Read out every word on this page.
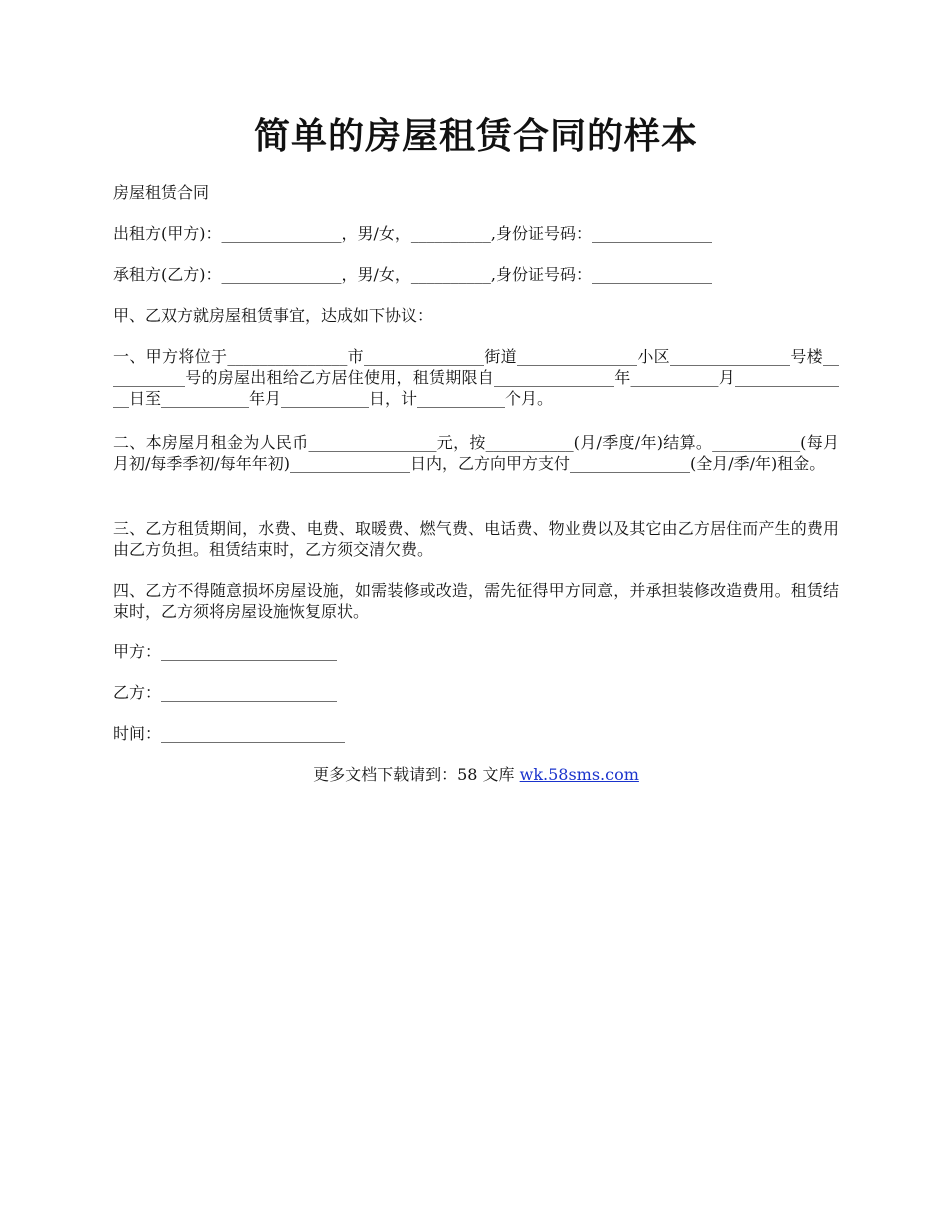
简单的房屋租赁合同的样本

房屋租赁合同

出租方(甲方)：_______________，男/女，__________,身份证号码：_______________

承租方(乙方)：_______________，男/女，__________,身份证号码：_______________

甲、乙双方就房屋租赁事宜，达成如下协议：

一、甲方将位于_______________市_______________街道_______________小区_______________号楼___________号的房屋出租给乙方居住使用，租赁期限自_______________年___________月_______________日至___________年月___________日，计___________个月。

二、本房屋月租金为人民币________________元，按___________(月/季度/年)结算。___________(每月月初/每季季初/每年年初)_______________日内，乙方向甲方支付_______________(全月/季/年)租金。

三、乙方租赁期间，水费、电费、取暖费、燃气费、电话费、物业费以及其它由乙方居住而产生的费用由乙方负担。租赁结束时，乙方须交清欠费。

四、乙方不得随意损坏房屋设施，如需装修或改造，需先征得甲方同意，并承担装修改造费用。租赁结束时，乙方须将房屋设施恢复原状。

甲方：______________________

乙方：______________________

时间：_______________________

更多文档下载请到：58 文库 wk.58sms.com
